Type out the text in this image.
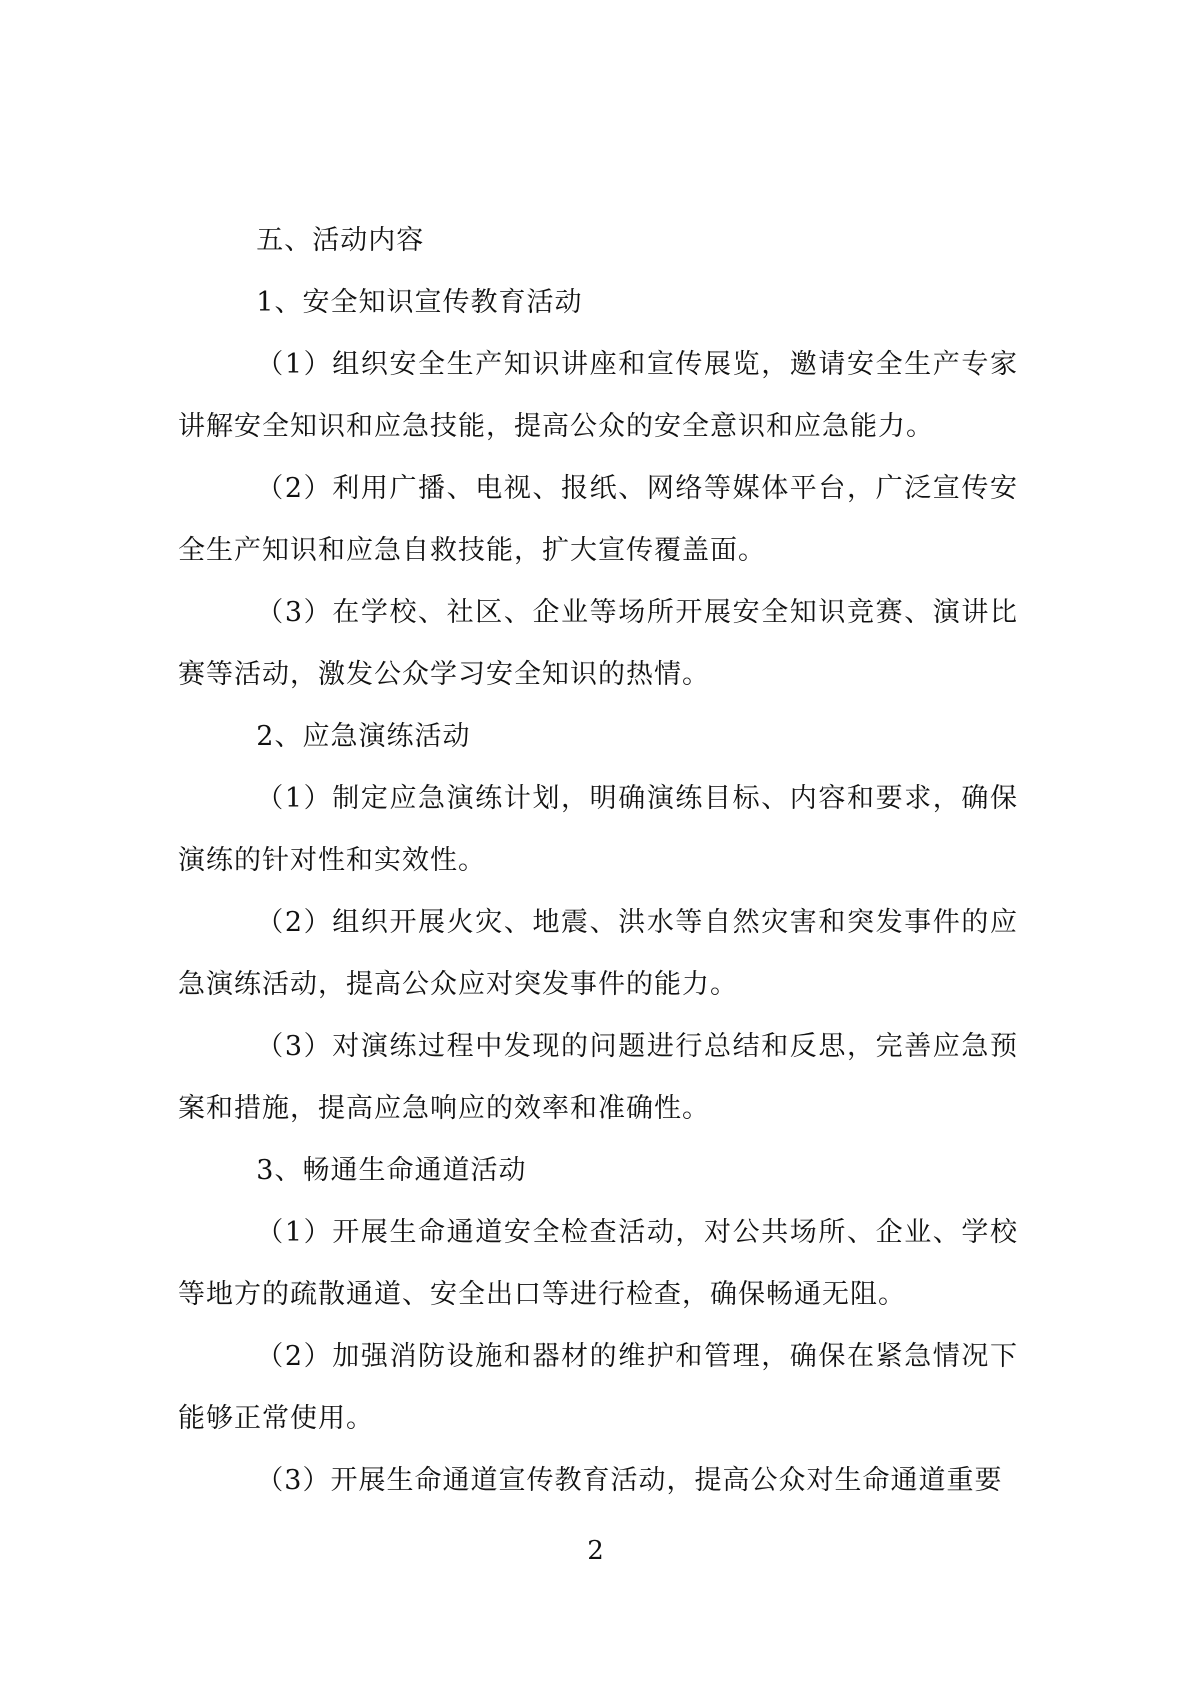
五、活动内容

1、安全知识宣传教育活动

（1）组织安全生产知识讲座和宣传展览，邀请安全生产专家讲解安全知识和应急技能，提高公众的安全意识和应急能力。

（2）利用广播、电视、报纸、网络等媒体平台，广泛宣传安全生产知识和应急自救技能，扩大宣传覆盖面。

（3）在学校、社区、企业等场所开展安全知识竞赛、演讲比赛等活动，激发公众学习安全知识的热情。

2、应急演练活动

（1）制定应急演练计划，明确演练目标、内容和要求，确保演练的针对性和实效性。

（2）组织开展火灾、地震、洪水等自然灾害和突发事件的应急演练活动，提高公众应对突发事件的能力。

（3）对演练过程中发现的问题进行总结和反思，完善应急预案和措施，提高应急响应的效率和准确性。

3、畅通生命通道活动

（1）开展生命通道安全检查活动，对公共场所、企业、学校等地方的疏散通道、安全出口等进行检查，确保畅通无阻。

（2）加强消防设施和器材的维护和管理，确保在紧急情况下能够正常使用。

（3）开展生命通道宣传教育活动，提高公众对生命通道重要

2
